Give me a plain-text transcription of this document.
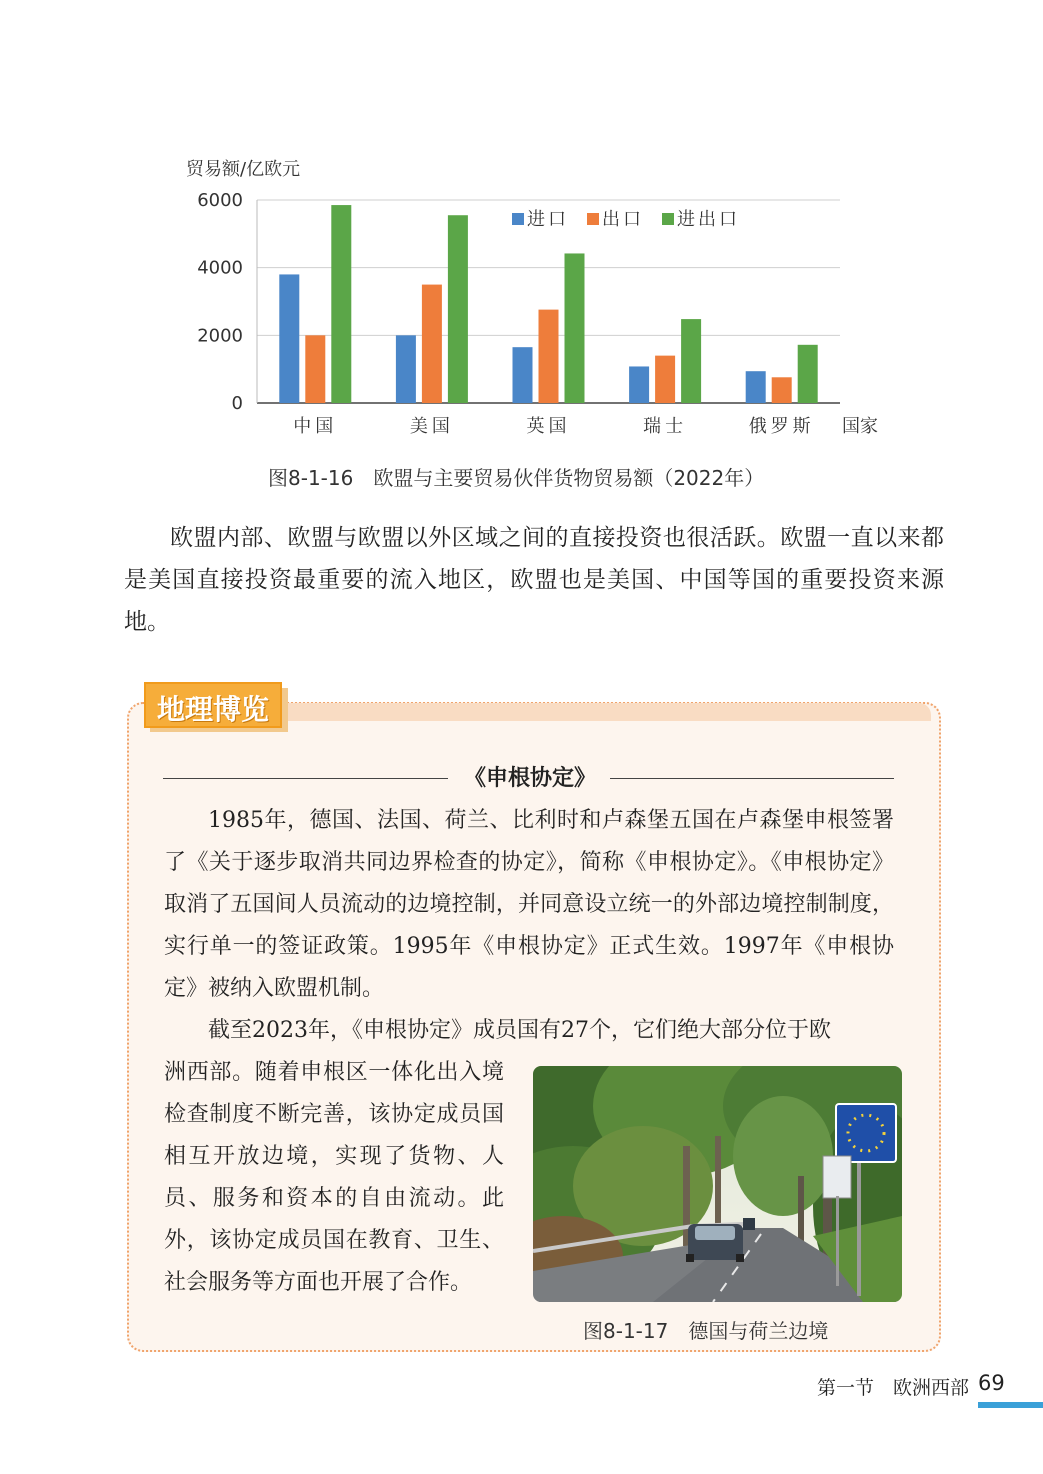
贸易额/亿欧元
0
2000
4000
6000
中国	美国	英国	瑞士	俄罗斯
进口 出口 进出口
国家
图8-1-16　欧盟与主要贸易伙伴货物贸易额（2022年）

欧盟内部、欧盟与欧盟以外区域之间的直接投资也很活跃。欧盟一直以来都是美国直接投资最重要的流入地区，欧盟也是美国、中国等国的重要投资来源地。

地理博览
《申根协定》

1985年，德国、法国、荷兰、比利时和卢森堡五国在卢森堡申根签署了《关于逐步取消共同边界检查的协定》，简称《申根协定》。《申根协定》取消了五国间人员流动的边境控制，并同意设立统一的外部边境控制制度，实行单一的签证政策。1995年《申根协定》正式生效。1997年《申根协定》被纳入欧盟机制。

截至2023年，《申根协定》成员国有27个，它们绝大部分位于欧

洲西部。随着申根区一体化出入境检查制度不断完善，该协定成员国相互开放边境，实现了货物、人员、服务和资本的自由流动。此外，该协定成员国在教育、卫生、社会服务等方面也开展了合作。

图8-1-17　德国与荷兰边境
第一节　欧洲西部 69
